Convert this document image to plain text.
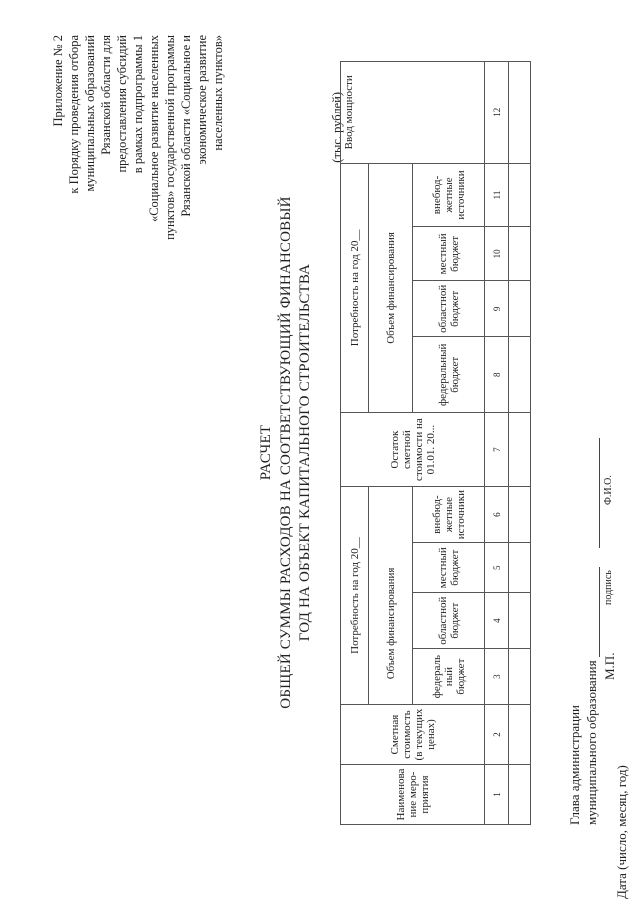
Приложение № 2 к Порядку проведения отбора муниципальных образований Рязанской области для предоставления субсидий в рамках подпрограммы 1 «Социальное развитие населенных пунктов» государственной программы Рязанской области «Социальное и экономическое развитие населенных пунктов»
РАСЧЕТ ОБЩЕЙ СУММЫ РАСХОДОВ НА СООТВЕТСТВУЮЩИЙ ФИНАНСОВЫЙ ГОД НА ОБЪЕКТ КАПИТАЛЬНОГО СТРОИТЕЛЬСТВА
(тыс. рублей)
Наименова ние меро-приятия	Сметная стоимость (в текущих ценах)	Потребность на год 20__				Остаток сметной стоимости на 01.01. 20...	Потребность на год 20__				Ввод мощности
		Объем финансирования					Объем финансирования				
		федераль ный бюджет	областной бюджет	местный бюджет	внебюд- жетные источники		федеральный бюджет	областной бюджет	местный бюджет	внебюд- жетные источники	
1	2	3	4	5	6	7	8	9	10	11	12

Глава администрации муниципального образования М.П.
подпись
Ф.И.О.
Дата (число, месяц, год)
